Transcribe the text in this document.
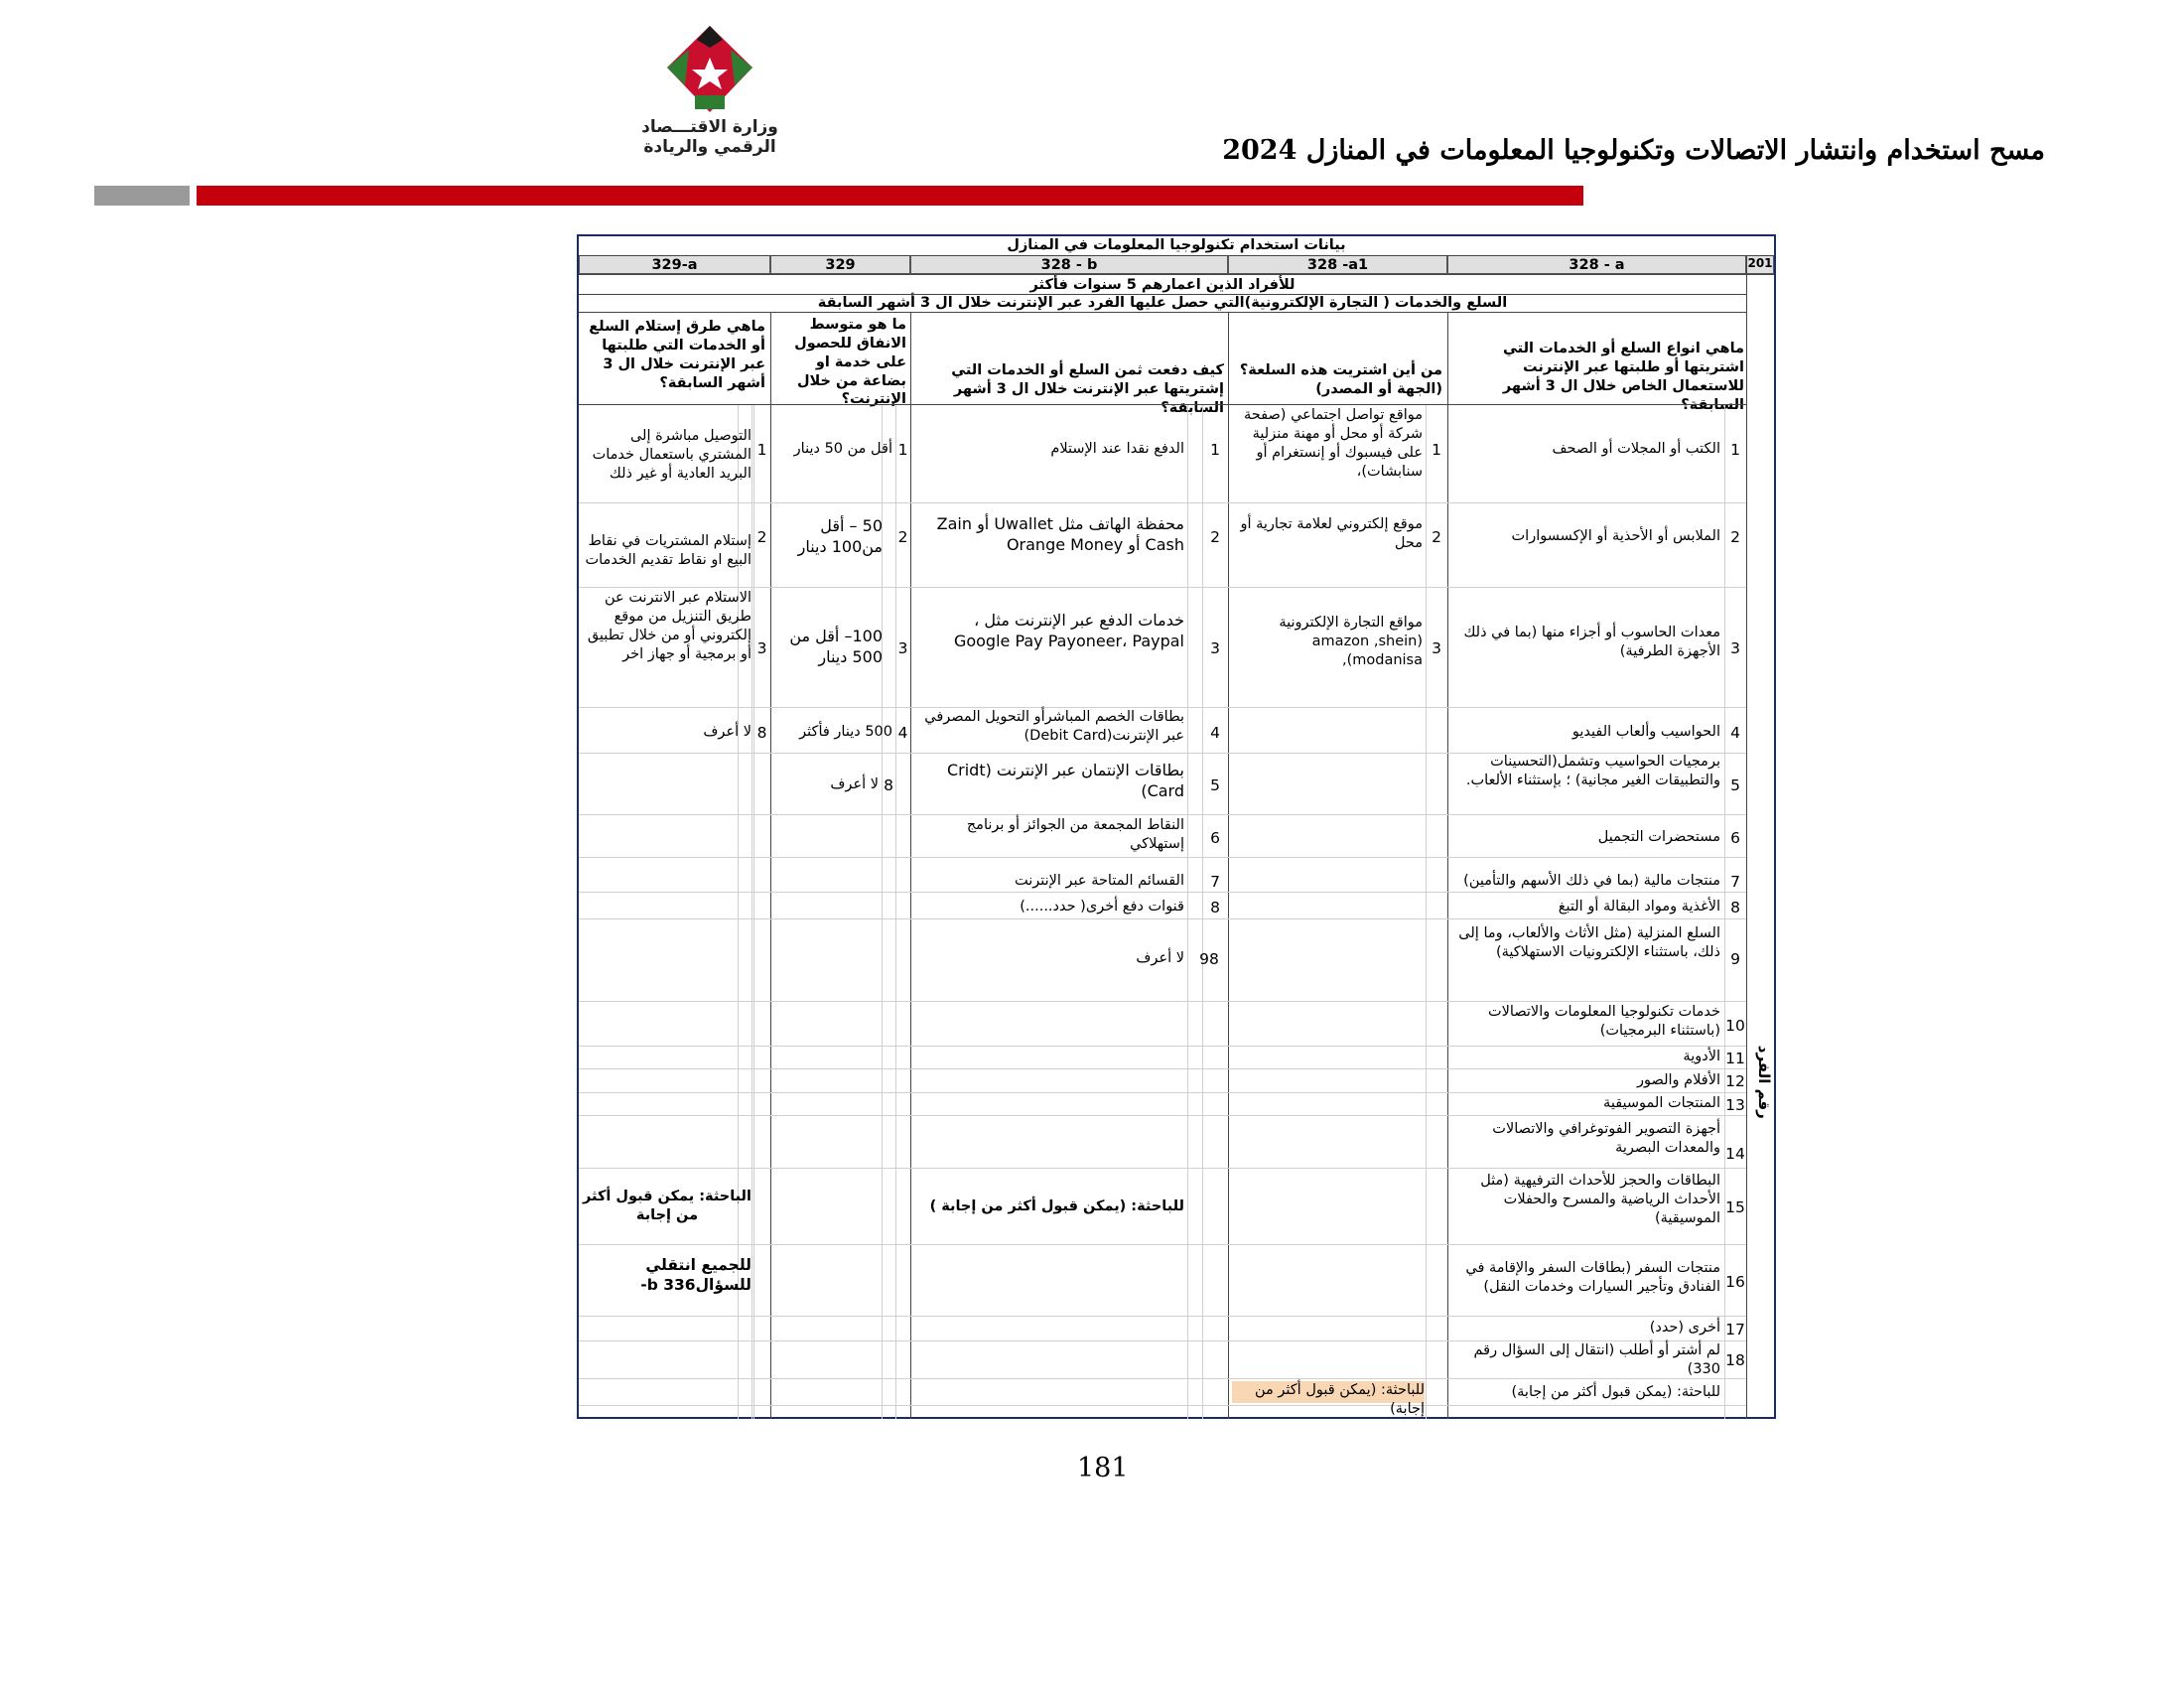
وزارة الاقتـــصاد
الرقمي والريادة	مسح استخدام وانتشار الاتصالات وتكنولوجيا المعلومات في المنازل 2024
بيانات استخدام تكنولوجيا المعلومات في المنازل
201
328 - a
328 -a1
328 - b
329
329-a
للأفراد الذين اعمارهم 5 سنوات فأكثر
السلع والخدمات ( التجارة الإلكترونية)التي حصل عليها الفرد عبر الإنترنت خلال ال 3 أشهر السابقة
ماهي انواع السلع أو الخدمات التي اشتريتها أو طلبتها عبر الإنترنت للاستعمال الخاص خلال ال 3 أشهر السابقة؟
من أين اشتريت هذه السلعة؟ (الجهة أو المصدر)
كيف دفعت ثمن السلع أو الخدمات التي إشتريتها عبر الإنترنت خلال ال 3 أشهر السابقة؟
ما هو متوسط الانفاق للحصول على خدمة او بضاعة من خلال الإنترنت؟
ماهي طرق إستلام السلع أو الخدمات التي طلبتها عبر الإنترنت خلال ال 3 أشهر السابقة؟
رقم الفرد
1
الكتب أو المجلات أو الصحف
2
الملابس أو الأحذية أو الإكسسوارات
3
معدات الحاسوب أو أجزاء منها (بما في ذلك الأجهزة الطرفية)
4
الحواسيب وألعاب الفيديو
5
برمجيات الحواسيب وتشمل(التحسينات والتطبيقات الغير مجانية) ؛ بإستثناء الألعاب.
6
مستحضرات التجميل
7
منتجات مالية (بما في ذلك الأسهم والتأمين)
8
الأغذية ومواد البقالة أو التبغ
9
السلع المنزلية (مثل الأثاث والألعاب، وما إلى ذلك، باستثناء الإلكترونيات الاستهلاكية)
10
خدمات تكنولوجيا المعلومات والاتصالات (باستثناء البرمجيات)
11
الأدوية
12
الأفلام والصور
13
المنتجات الموسيقية
14
أجهزة التصوير الفوتوغرافي والاتصالات والمعدات البصرية
15
البطاقات والحجز للأحداث الترفيهية (مثل الأحداث الرياضية والمسرح والحفلات الموسيقية)
16
منتجات السفر (بطاقات السفر والإقامة في الفنادق وتأجير السيارات وخدمات النقل)
17
أخرى (حدد)
18
لم أشتر أو أطلب (انتقال إلى السؤال رقم 330)
للباحثة: (يمكن قبول أكثر من إجابة)
1
مواقع تواصل اجتماعي (صفحة شركة أو محل أو مهنة منزلية على فيسبوك أو إنستغرام أو سنابشات)،
2
موقع إلكتروني لعلامة تجارية أو محل
3
مواقع التجارة الإلكترونية amazon ,shein) (modanisa,
للباحثة: (يمكن قبول أكثر من إجابة)
1
الدفع نقدا عند الإستلام
2
محفظة الهاتف مثل Uwallet أو Zain Cash أو Orange Money
3
خدمات الدفع عبر الإنترنت مثل ، Google Pay Payoneer، Paypal
4
بطاقات الخصم المباشرأو التحويل المصرفي عبر الإنترنت(Debit Card)
5
بطاقات الإنتمان عبر الإنترنت (Cridt Card)
6
النقاط المجمعة من الجوائز أو برنامج إستهلاكي
7
القسائم المتاحة عبر الإنترنت
8
قنوات دفع أخرى( حدد......)
98
لا أعرف
للباحثة: (يمكن قبول أكثر من إجابة )
1
أقل من 50 دينار
2
50 – أقل من100 دينار
3
100– أقل من 500 دينار
4
500 دينار فأكثر
8
لا أعرف
1
التوصيل مباشرة إلى المشتري باستعمال خدمات البريد العادية أو غير ذلك
2
إستلام المشتريات في نقاط البيع او نقاط تقديم الخدمات
3
الاستلام عبر الانترنت عن طريق التنزيل من موقع إلكتروني أو من خلال تطبيق أو برمجية أو جهاز اخر
8
لا أعرف
الباحثة: يمكن قبول أكثر من إجابة
للجميع انتقلي للسؤال336 b-
181
